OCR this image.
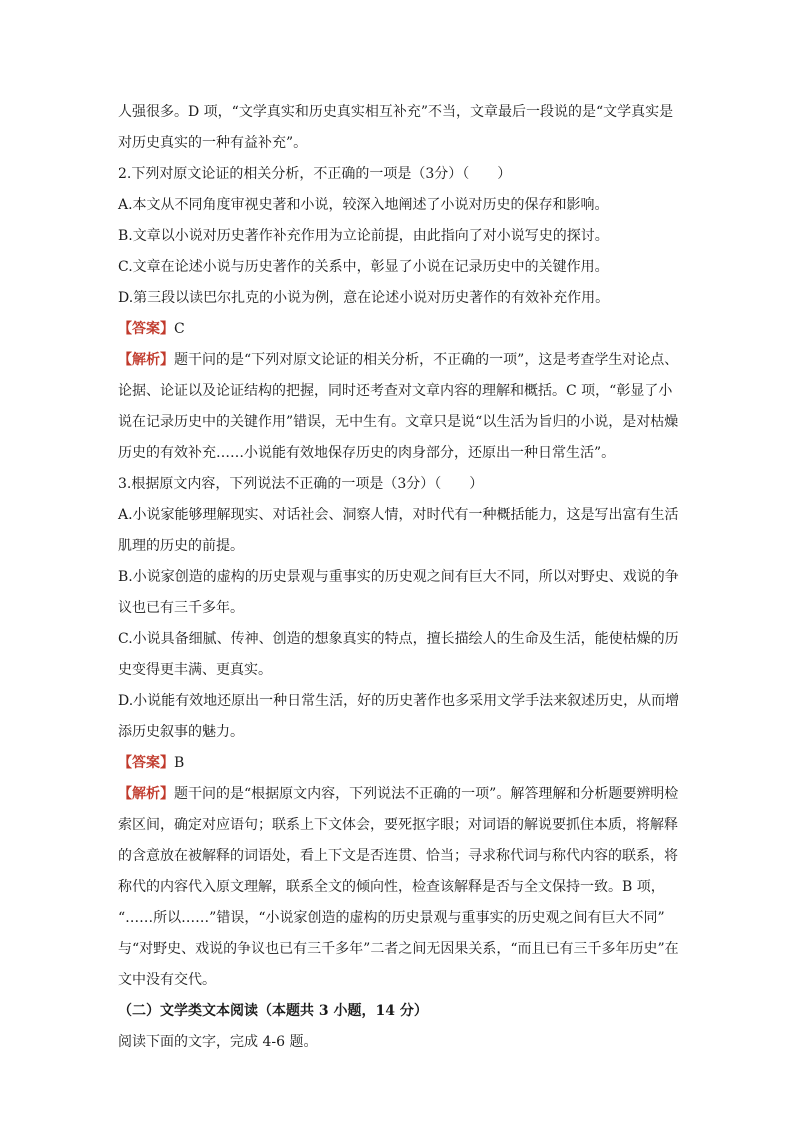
人强很多。D 项，“文学真实和历史真实相互补充”不当，文章最后一段说的是“文学真实是
对历史真实的一种有益补充”。
2.下列对原文论证的相关分析，不正确的一项是（3分）（　　）
A.本文从不同角度审视史著和小说，较深入地阐述了小说对历史的保存和影响。
B.文章以小说对历史著作补充作用为立论前提，由此指向了对小说写史的探讨。
C.文章在论述小说与历史著作的关系中，彰显了小说在记录历史中的关键作用。
D.第三段以读巴尔扎克的小说为例，意在论述小说对历史著作的有效补充作用。
【答案】C
【解析】题干问的是“下列对原文论证的相关分析，不正确的一项”，这是考查学生对论点、
论据、论证以及论证结构的把握，同时还考查对文章内容的理解和概括。C 项，“彰显了小
说在记录历史中的关键作用”错误，无中生有。文章只是说“以生活为旨归的小说，是对枯燥
历史的有效补充……小说能有效地保存历史的肉身部分，还原出一种日常生活”。
3.根据原文内容，下列说法不正确的一项是（3分）（　　）
A.小说家能够理解现实、对话社会、洞察人情，对时代有一种概括能力，这是写出富有生活
肌理的历史的前提。
B.小说家创造的虚构的历史景观与重事实的历史观之间有巨大不同，所以对野史、戏说的争
议也已有三千多年。
C.小说具备细腻、传神、创造的想象真实的特点，擅长描绘人的生命及生活，能使枯燥的历
史变得更丰满、更真实。
D.小说能有效地还原出一种日常生活，好的历史著作也多采用文学手法来叙述历史，从而增
添历史叙事的魅力。
【答案】B
【解析】题干问的是“根据原文内容，下列说法不正确的一项”。解答理解和分析题要辨明检
索区间，确定对应语句；联系上下文体会，要死抠字眼；对词语的解说要抓住本质，将解释
的含意放在被解释的词语处，看上下文是否连贯、恰当；寻求称代词与称代内容的联系，将
称代的内容代入原文理解，联系全文的倾向性，检查该解释是否与全文保持一致。B 项，
“……所以……”错误，“小说家创造的虚构的历史景观与重事实的历史观之间有巨大不同”
与“对野史、戏说的争议也已有三千多年”二者之间无因果关系，“而且已有三千多年历史”在
文中没有交代。
（二）文学类文本阅读（本题共 3 小题，14 分）
阅读下面的文字，完成 4-6 题。
